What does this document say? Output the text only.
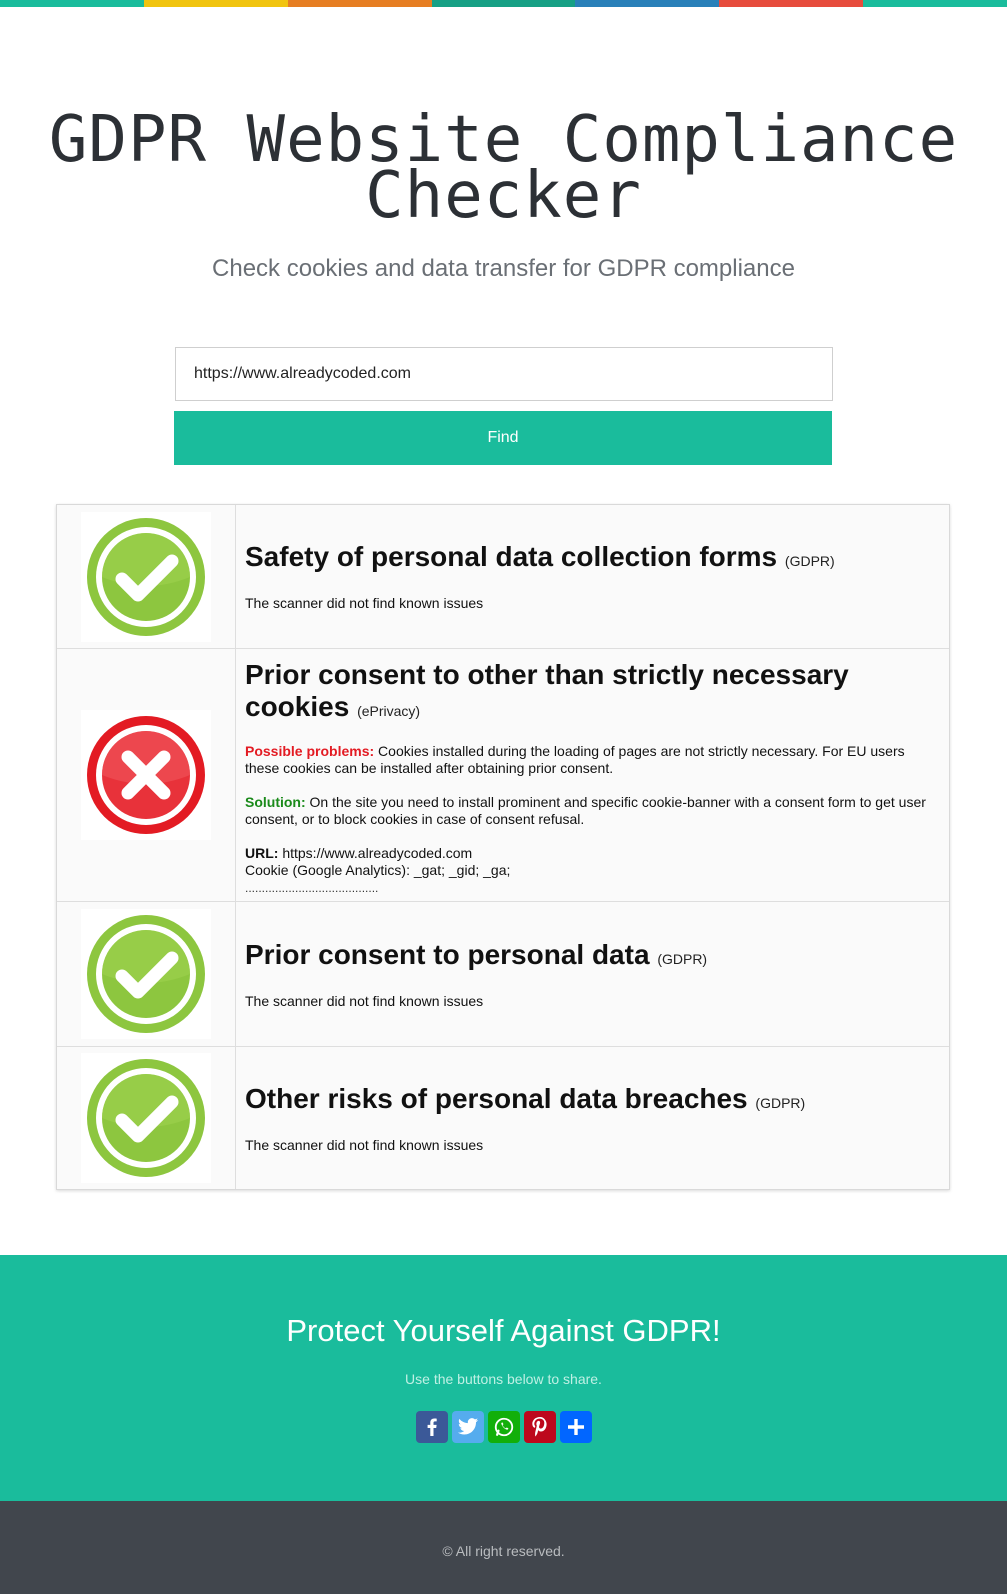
GDPR Website Compliance
Checker
Check cookies and data transfer for GDPR compliance
https://www.alreadycoded.com
Find
Safety of personal data collection forms (GDPR)
The scanner did not find known issues
Prior consent to other than strictly necessary cookies (ePrivacy)
Possible problems: Cookies installed during the loading of pages are not strictly necessary. For EU users these cookies can be installed after obtaining prior consent.
Solution: On the site you need to install prominent and specific cookie-banner with a consent form to get user consent, or to block cookies in case of consent refusal.
URL: https://www.alreadycoded.com
Cookie (Google Analytics): _gat; _gid; _ga;
........................................
Prior consent to personal data (GDPR)
The scanner did not find known issues
Other risks of personal data breaches (GDPR)
The scanner did not find known issues
Protect Yourself Against GDPR!
Use the buttons below to share.
© All right reserved.
